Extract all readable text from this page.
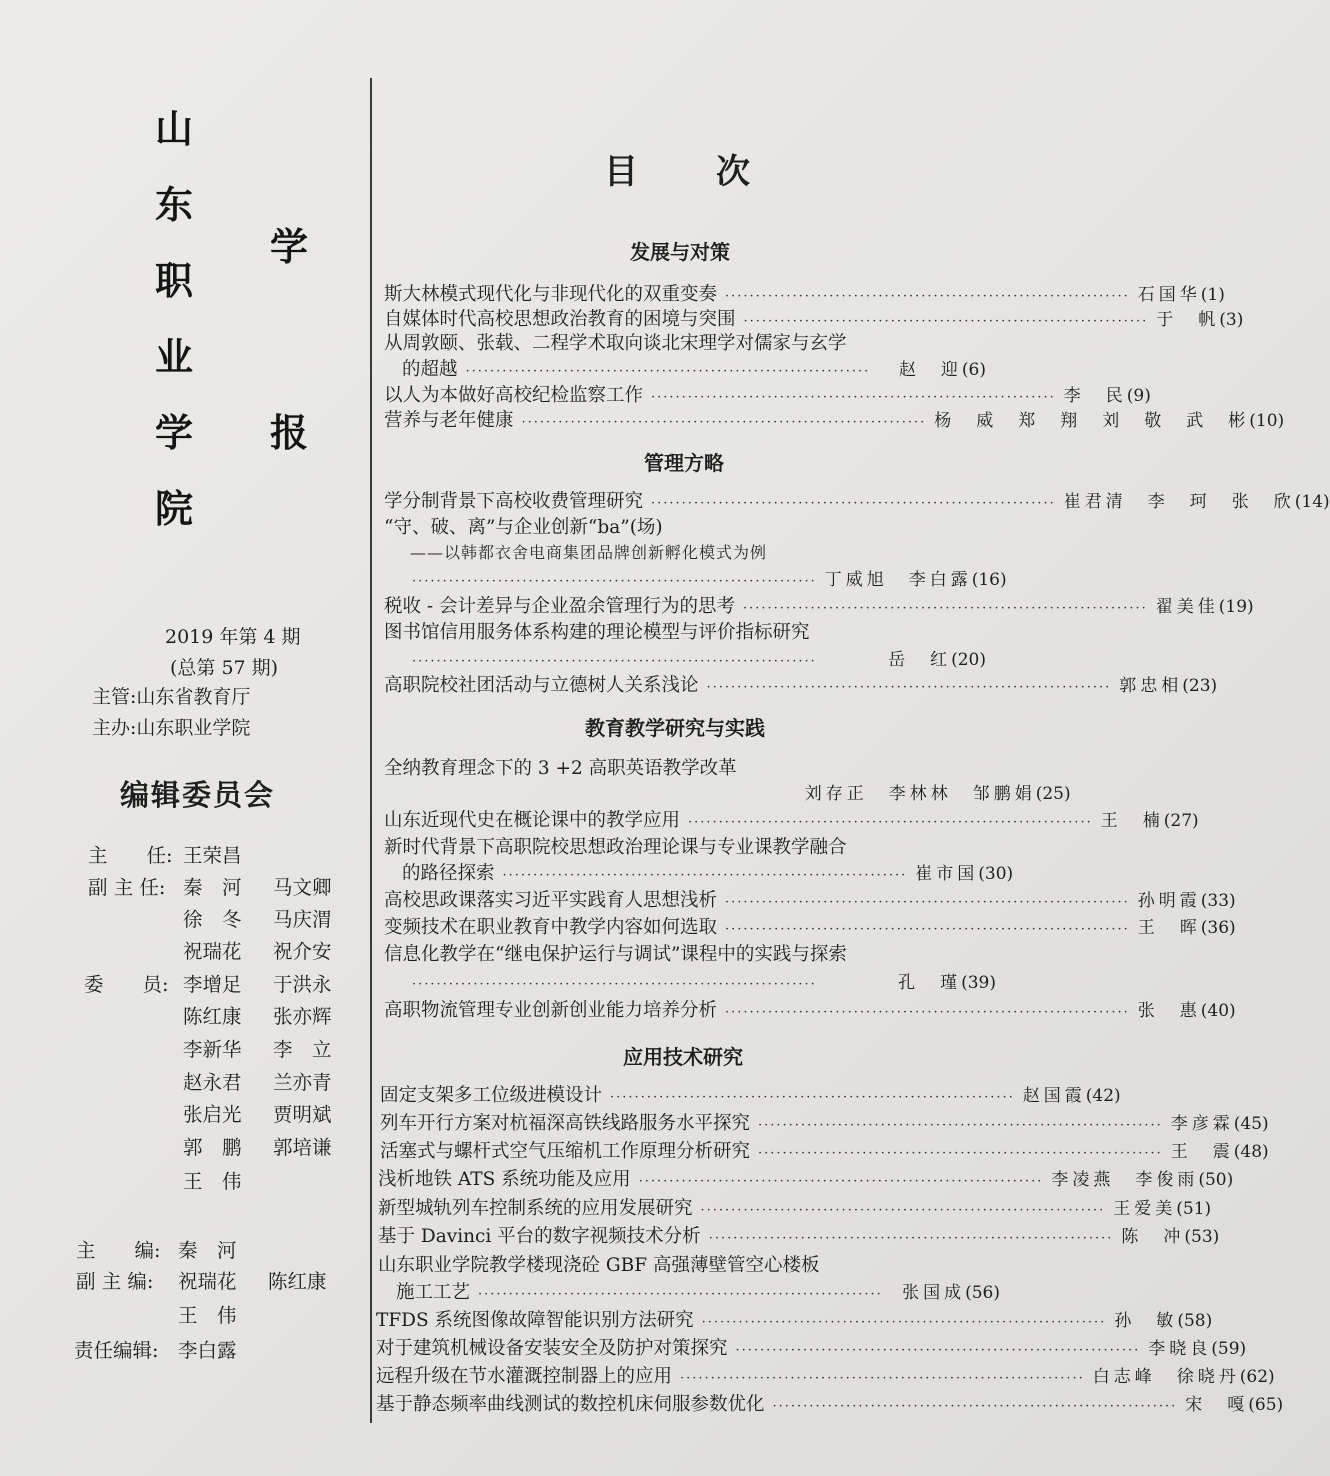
山
东
职
业
学
院
学
报
2019 年第 4 期
(总第 57 期)
主管:山东省教育厅
主办:山东职业学院
编辑委员会
主　　任: 王荣昌
副 主 任: 秦　河 马文卿
徐　冬 马庆渭
祝瑞花 祝介安
委　　员: 李增足 于洪永
陈红康 张亦辉
李新华 李　立
赵永君 兰亦青
张启光 贾明斌
郭　鹏 郭培谦
王　伟
主　　编: 秦　河
副 主 编: 祝瑞花 陈红康
王　伟
责任编辑: 李白露
目 次
发展与对策
管理方略
教育教学研究与实践
应用技术研究
斯大林模式现代化与非现代化的双重变奏 ·································································· 石国华 (1)
自媒体时代高校思想政治教育的困境与突围 ·································································· 于　帆 (3)
从周敦颐、张载、二程学术取向谈北宋理学对儒家与玄学
的超越 ··································································	赵　迎 (6)
以人为本做好高校纪检监察工作 ·································································· 李　民 (9)
营养与老年健康 ·································································· 杨　威　郑　翔　刘　敬　武　彬 (10)
学分制背景下高校收费管理研究 ·································································· 崔君清　李　珂　张　欣 (14)
“守、破、离”与企业创新“ba”(场)
——以韩都衣舍电商集团品牌创新孵化模式为例
·································································· 丁威旭　李白露 (16)
税收 - 会计差异与企业盈余管理行为的思考 ·································································· 翟美佳 (19)
图书馆信用服务体系构建的理论模型与评价指标研究
··································································	岳　红 (20)
高职院校社团活动与立德树人关系浅论 ·································································· 郭忠相 (23)
全纳教育理念下的 3 +2 高职英语教学改革
刘存正　李林林　邹鹏娟 (25)
山东近现代史在概论课中的教学应用 ·································································· 王　楠 (27)
新时代背景下高职院校思想政治理论课与专业课教学融合
的路径探索 ·································································· 崔市国 (30)
高校思政课落实习近平实践育人思想浅析 ·································································· 孙明霞 (33)
变频技术在职业教育中教学内容如何选取 ·································································· 王　晖 (36)
信息化教学在“继电保护运行与调试”课程中的实践与探索
··································································	孔　瑾 (39)
高职物流管理专业创新创业能力培养分析 ·································································· 张　惠 (40)
固定支架多工位级进模设计 ·································································· 赵国霞 (42)
列车开行方案对杭福深高铁线路服务水平探究 ·································································· 李彦霖 (45)
活塞式与螺杆式空气压缩机工作原理分析研究 ·································································· 王　震 (48)
浅析地铁 ATS 系统功能及应用 ·································································· 李凌燕　李俊雨 (50)
新型城轨列车控制系统的应用发展研究 ·································································· 王爱美 (51)
基于 Davinci 平台的数字视频技术分析 ·································································· 陈　冲 (53)
山东职业学院教学楼现浇砼 GBF 高强薄壁管空心楼板
施工工艺 ··································································	张国成 (56)
TFDS 系统图像故障智能识别方法研究 ·································································· 孙　敏 (58)
对于建筑机械设备安装安全及防护对策探究 ·································································· 李晓良 (59)
远程升级在节水灌溉控制器上的应用 ·································································· 白志峰　徐晓丹 (62)
基于静态频率曲线测试的数控机床伺服参数优化 ·································································· 宋　嘎 (65)
